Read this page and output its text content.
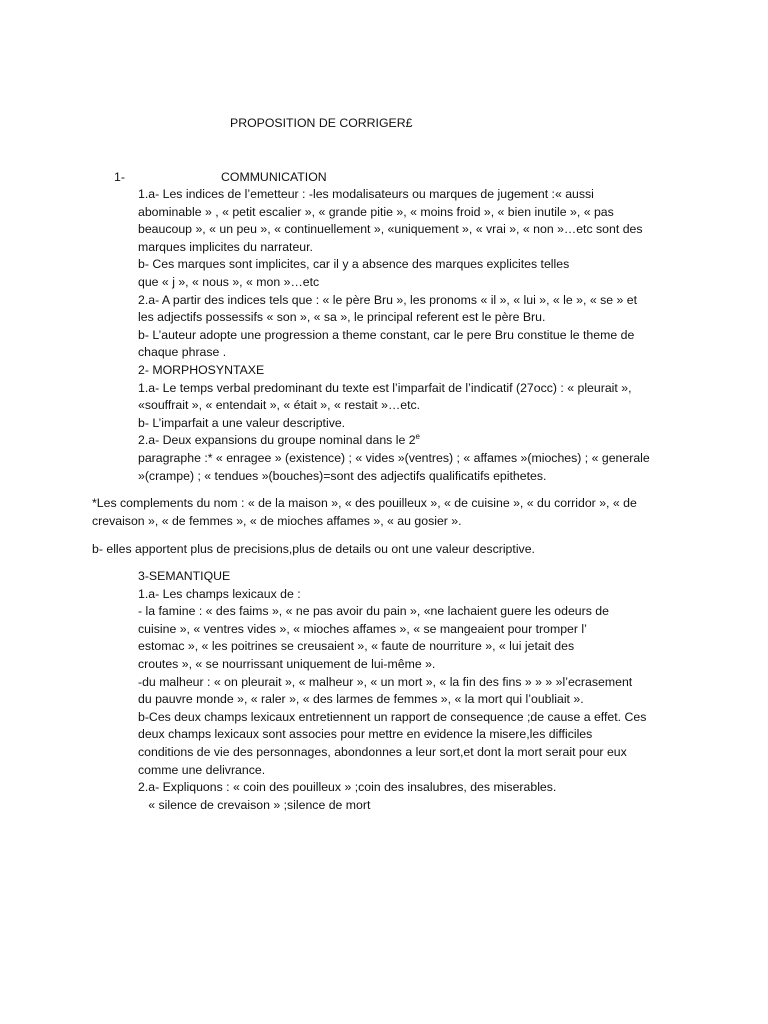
PROPOSITION DE CORRIGER£
1-	COMMUNICATION
1.a- Les indices de l’emetteur : -les modalisateurs ou marques de jugement :« aussi
abominable » , « petit escalier », « grande pitie », « moins froid », « bien inutile », « pas
beaucoup », « un peu », « continuellement », «uniquement », « vrai », « non »…etc sont des
marques implicites du narrateur.
b- Ces marques sont implicites, car il y a absence des marques explicites telles
que « j », « nous », « mon »…etc
2.a- A partir des indices tels que : « le père Bru », les pronoms « il », « lui », « le », « se » et
les adjectifs possessifs « son », « sa », le principal referent est le père Bru.
b- L’auteur adopte une progression a theme constant, car le pere Bru constitue le theme de
chaque phrase .
2- MORPHOSYNTAXE
1.a- Le temps verbal predominant du texte est l’imparfait de l’indicatif (27occ) : « pleurait »,
«souffrait », « entendait », « était », « restait »…etc.
b- L’imparfait a une valeur descriptive.
2.a- Deux expansions du groupe nominal dans le 2e
paragraphe :* « enragee » (existence) ; « vides »(ventres) ; « affames »(mioches) ; « generale
»(crampe) ; « tendues »(bouches)=sont des adjectifs qualificatifs epithetes.
*Les complements du nom : « de la maison », « des pouilleux », « de cuisine », « du corridor », « de
crevaison », « de femmes », « de mioches affames », « au gosier ».
b- elles apportent plus de precisions,plus de details ou ont une valeur descriptive.
3-SEMANTIQUE
1.a- Les champs lexicaux de :
- la famine : « des faims », « ne pas avoir du pain », «ne lachaient guere les odeurs de
cuisine », « ventres vides », « mioches affames », « se mangeaient pour tromper l’
estomac », « les poitrines se creusaient », « faute de nourriture », « lui jetait des
croutes », « se nourrissant uniquement de lui-même ».
-du malheur : « on pleurait », « malheur », « un mort », « la fin des fins » » » »l’ecrasement
du pauvre monde », « raler », « des larmes de femmes », « la mort qui l’oubliait ».
b-Ces deux champs lexicaux entretiennent un rapport de consequence ;de cause a effet. Ces
deux champs lexicaux sont associes pour mettre en evidence la misere,les difficiles
conditions de vie des personnages, abondonnes a leur sort,et dont la mort serait pour eux
comme une delivrance.
2.a- Expliquons : « coin des pouilleux » ;coin des insalubres, des miserables.
« silence de crevaison » ;silence de mort
